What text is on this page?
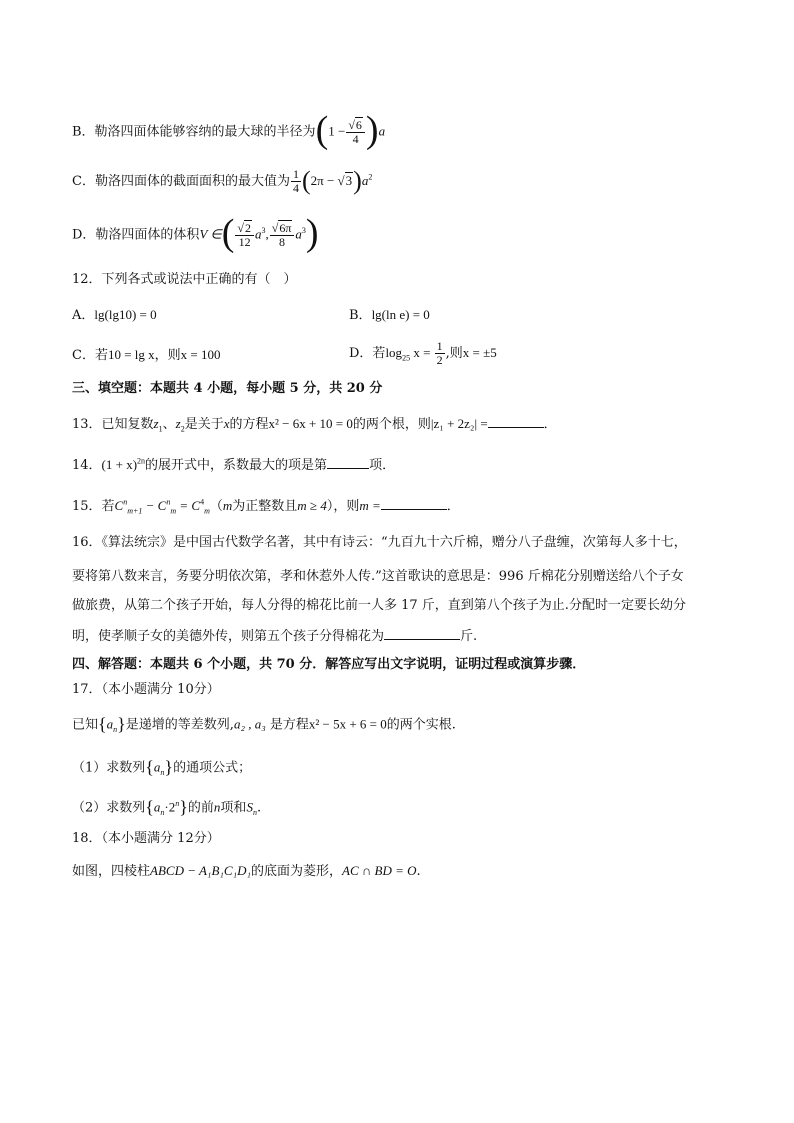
B．勒洛四面体能够容纳的最大球的半径为$(1 - \frac{√6}{4} )a$
C．勒洛四面体的截面面积的最大值为 $\frac{1}{4} (2\pi - √3)a^2$
D．勒洛四面体的体积V ∈( $\frac{√2}{12} a^3$, $\frac{√6\pi}{8} a^3$)
12．下列各式或说法中正确的有（　）
A．lg(lg10) = 0	B．lg(ln e) = 0
C．若10 = lg x，则x = 100	D．若$\log_{25} x = \frac{1}{2}$ ,则x = ±5
三、填空题：本题共 4 小题，每小题 5 分，共 20 分
13．已知复数$z_1$、$z_2$是关于x的方程x² − 6x + 10 = 0的两个根，则|z₁ + 2z₂| =	．
14．$(1 + x)^{2n}$的展开式中，系数最大的项是第	项．
15．若$C^n_{m+1} - C^n_m = C^4_m(m$为正整数且m ≥ 4），则m =	．
16．《算法统宗》是中国古代数学名著，其中有诗云：“九百九十六斤棉，赠分八子盘缠，次第每人多十七，
要将第八数来言，务要分明依次第，孝和休惹外人传.”这首歌诀的意思是：996 斤棉花分别赠送给八个子女
做旅费，从第二个孩子开始，每人分得的棉花比前一人多 17 斤，直到第八个孩子为止.分配时一定要长幼分
明，使孝顺子女的美德外传，则第五个孩子分得棉花为	斤.
四、解答题：本题共 6 个小题，共 70 分．解答应写出文字说明，证明过程或演算步骤．
17．（本小题满分 10分）
已知$\{a_n\}$是递增的等差数列,a₂ , a₃ 是方程x² − 5x + 6 = 0的两个实根.
（1）求数列$\{a_n\}$的通项公式；
（2）求数列$\{a_n\cdot 2^n\}$的前n项和$S_n$.
18．（本小题满分 12分）
如图，四棱柱ABCD − A₁B₁C₁D₁的底面为菱形，AC ∩ BD = O.
